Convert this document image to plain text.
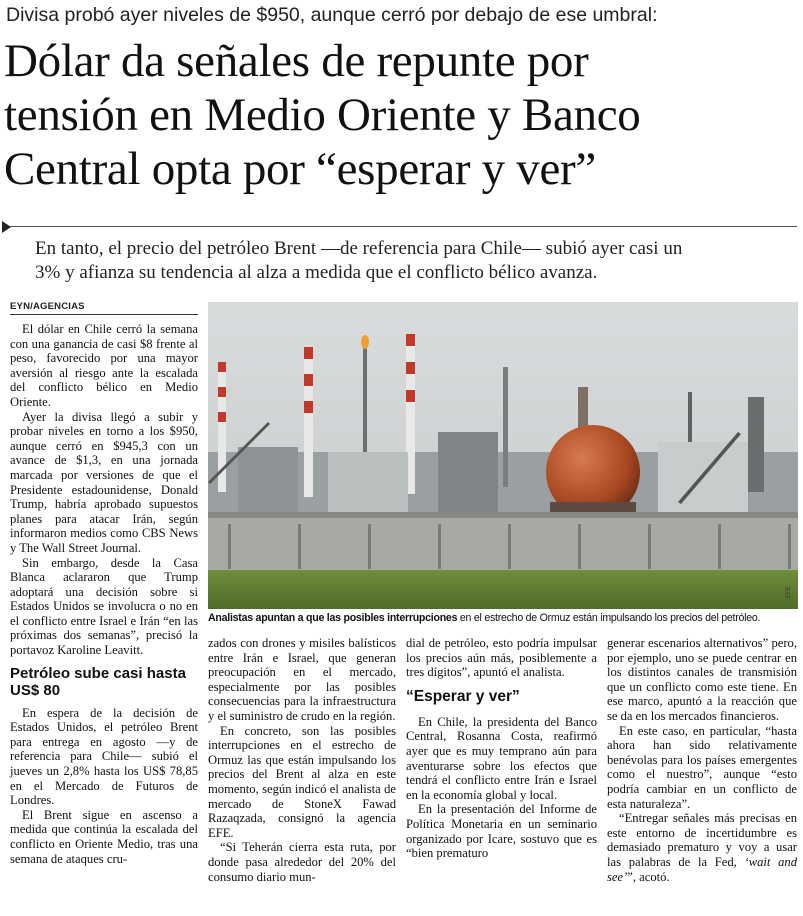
Divisa probó ayer niveles de $950, aunque cerró por debajo de ese umbral:
Dólar da señales de repunte por
tensión en Medio Oriente y Banco
Central opta por “esperar y ver”
En tanto, el precio del petróleo Brent —de referencia para Chile— subió ayer casi un
3% y afianza su tendencia al alza a medida que el conflicto bélico avanza.
EYN/AGENCIAS

El dólar en Chile cerró la semana con una ganancia de casi $8 frente al peso, favorecido por una mayor aversión al riesgo ante la escalada del conflicto bélico en Medio Oriente.

Ayer la divisa llegó a subir y probar niveles en torno a los $950, aunque cerró en $945,3 con un avance de $1,3, en una jornada marcada por versiones de que el Presidente estadounidense, Donald Trump, habría aprobado supuestos planes para atacar Irán, según informaron medios como CBS News y The Wall Street Journal.

Sin embargo, desde la Casa Blanca aclararon que Trump adoptará una decisión sobre si Estados Unidos se involucra o no en el conflicto entre Israel e Irán “en las próximas dos semanas”, precisó la portavoz Karoline Leavitt.

Petróleo sube casi hasta US$ 80

En espera de la decisión de Estados Unidos, el petróleo Brent para entrega en agosto —y de referencia para Chile— subió el jueves un 2,8% hasta los US$ 78,85 en el Mercado de Futuros de Londres.

El Brent sigue en ascenso a medida que continúa la escalada del conflicto en Oriente Medio, tras una semana de ataques cru-

EFE
Analistas apuntan a que las posibles interrupciones en el estrecho de Ormuz están impulsando los precios del petróleo.

zados con drones y misiles balísticos entre Irán e Israel, que generan preocupación en el mercado, especialmente por las posibles consecuencias para la infraestructura y el suministro de crudo en la región.

En concreto, son las posibles interrupciones en el estrecho de Ormuz las que están impulsando los precios del Brent al alza en este momento, según indicó el analista de mercado de StoneX Fawad Razaqzada, consignó la agencia EFE.

“Si Teherán cierra esta ruta, por donde pasa alrededor del 20% del consumo diario mun-

dial de petróleo, esto podría impulsar los precios aún más, posiblemente a tres dígitos”, apuntó el analista.

“Esperar y ver”

En Chile, la presidenta del Banco Central, Rosanna Costa, reafirmó ayer que es muy temprano aún para aventurarse sobre los efectos que tendrá el conflicto entre Irán e Israel en la economía global y local.

En la presentación del Informe de Política Monetaria en un seminario organizado por Icare, sostuvo que es “bien prematuro

generar escenarios alternativos” pero, por ejemplo, uno se puede centrar en los distintos canales de transmisión que un conflicto como este tiene. En ese marco, apuntó a la reacción que se da en los mercados financieros.

En este caso, en particular, “hasta ahora han sido relativamente benévolas para los países emergentes como el nuestro”, aunque “esto podría cambiar en un conflicto de esta naturaleza”.

“Entregar señales más precisas en este entorno de incertidumbre es demasiado prematuro y voy a usar las palabras de la Fed, ‘wait and see’”, acotó.
